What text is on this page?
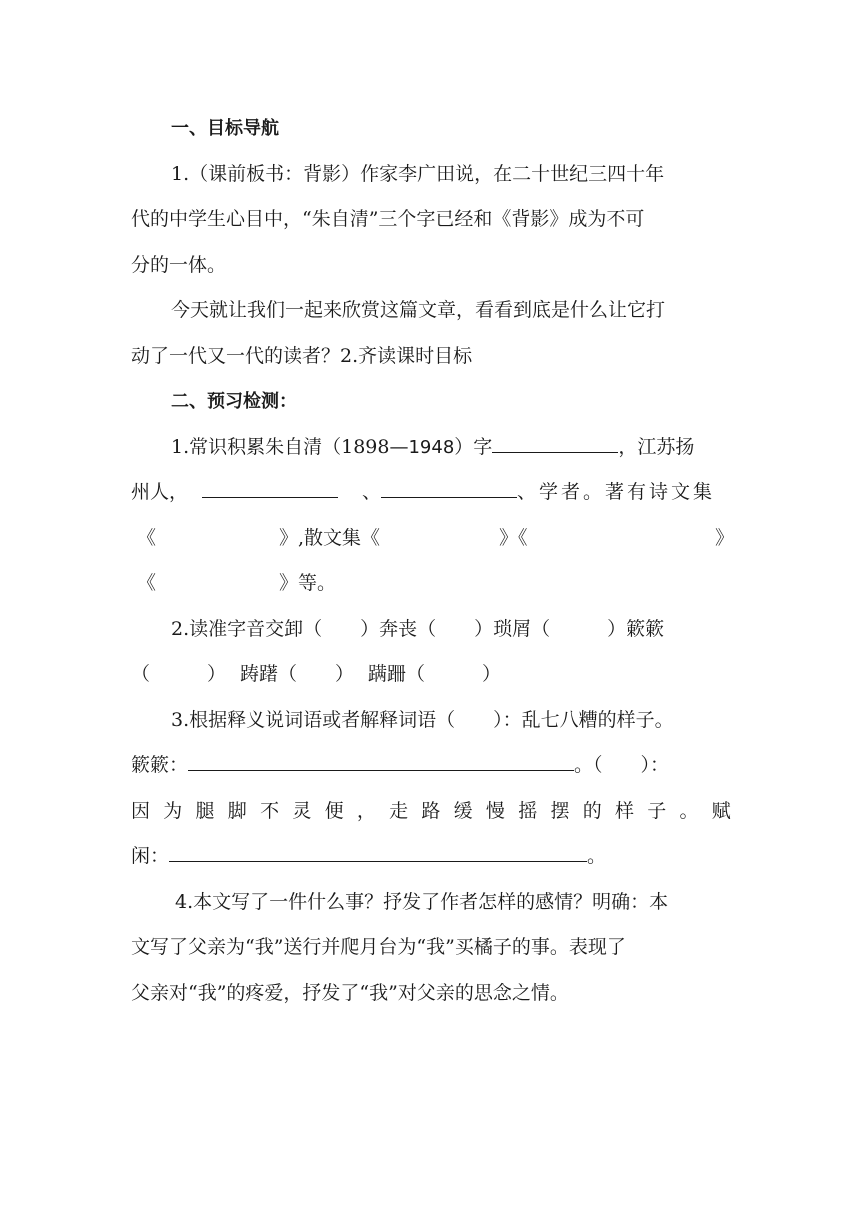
一、目标导航
1.（课前板书：背影）作家李广田说，在二十世纪三四十年
代的中学生心目中，“朱自清”三个字已经和《背影》成为不可
分的一体。
今天就让我们一起来欣赏这篇文章，看看到底是什么让它打
动了一代又一代的读者？2.齐读课时目标
二、预习检测：
1.常识积累朱自清（1898—1948）字	，江苏扬
州人，	、	、学者。著有诗文集
《	》,散文集《	》《	》
《	》等。
2.读准字音交卸（　　）奔丧（　　）琐屑（　　　）簌簌
（　　　） 踌躇（　　） 蹒跚（　　　）
3.根据释义说词语或者解释词语（　　）：乱七八糟的样子。
簌簌：	。（　　）：
因 为 腿 脚 不 灵 便 ， 走 路 缓 慢 摇 摆 的 样 子 。 赋
闲：	。
4.本文写了一件什么事？抒发了作者怎样的感情？明确：本
文写了父亲为“我”送行并爬月台为“我”买橘子的事。表现了
父亲对“我”的疼爱，抒发了“我”对父亲的思念之情。
